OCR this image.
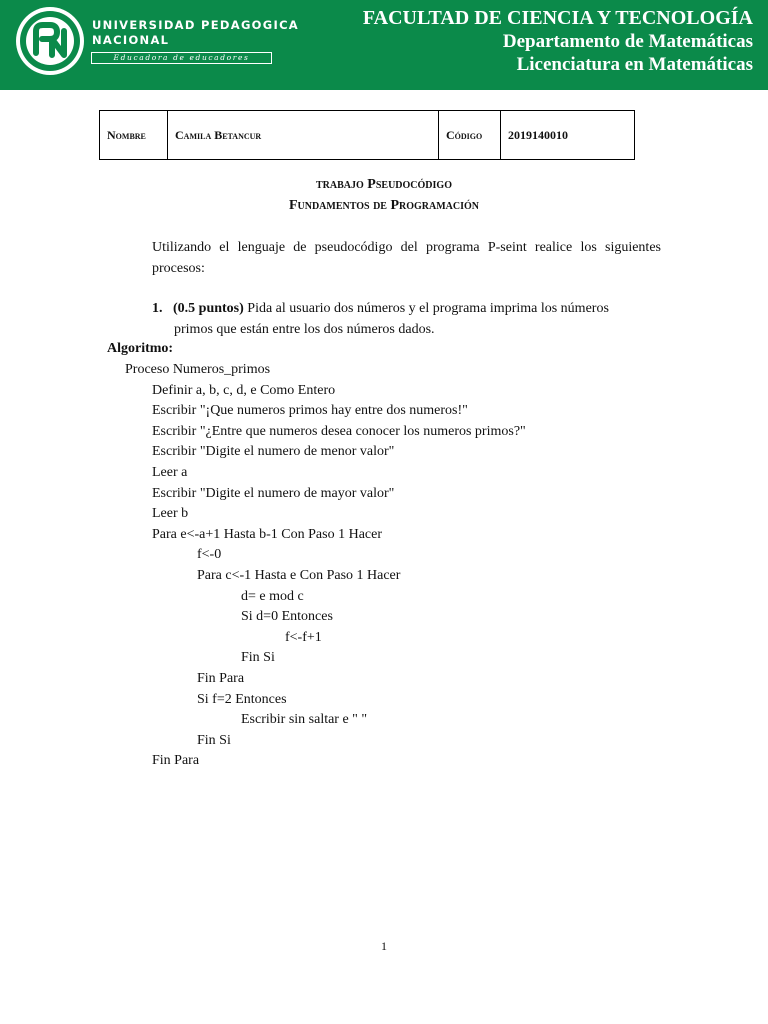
UNIVERSIDAD PEDAGOGICA
NACIONAL
Educadora de educadores
FACULTAD DE CIENCIA Y TECNOLOGÍA
Departamento de Matemáticas
Licenciatura en Matemáticas
Nombre	Camila Betancur	Código	2019140010
trabajo Pseudocódigo
Fundamentos de Programación
Utilizando el lenguaje de pseudocódigo del programa P-seint realice los siguientes procesos:
1. (0.5 puntos) Pida al usuario dos números y el programa imprima los números
primos que están entre los dos números dados.
Algoritmo:
Proceso Numeros_primos
Definir a, b, c, d, e Como Entero
Escribir "¡Que numeros primos hay entre dos numeros!"
Escribir "¿Entre que numeros desea conocer los numeros primos?"
Escribir "Digite el numero de menor valor"
Leer a
Escribir "Digite el numero de mayor valor"
Leer b
Para e<-a+1 Hasta b-1 Con Paso 1 Hacer
f<-0
Para c<-1 Hasta e Con Paso 1 Hacer
d= e mod c
Si d=0 Entonces
f<-f+1
Fin Si
Fin Para
Si f=2 Entonces
Escribir sin saltar e " "
Fin Si
Fin Para
1
